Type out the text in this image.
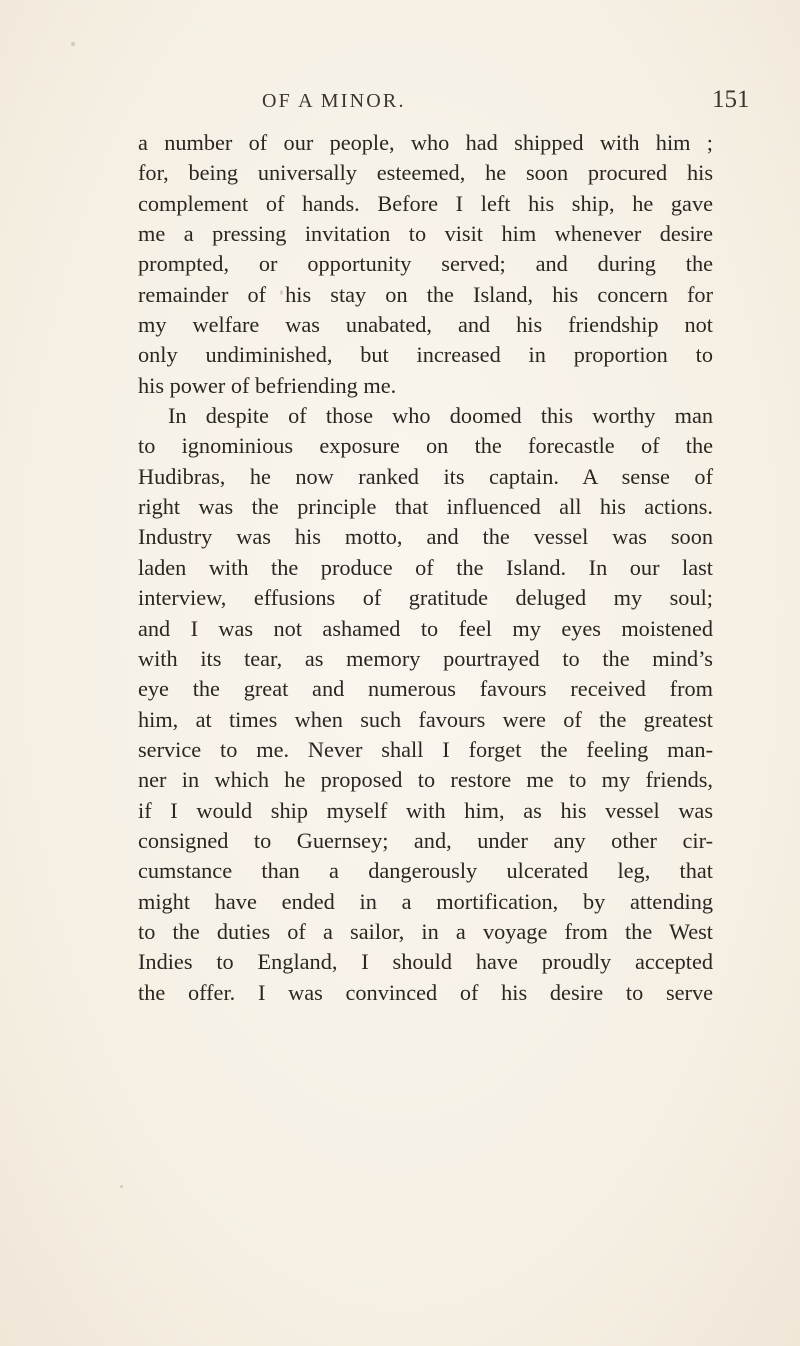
OF A MINOR.	151
a number of our people, who had shipped with him ;
for, being universally esteemed, he soon procured his
complement of hands. Before I left his ship, he gave
me a pressing invitation to visit him whenever desire
prompted, or opportunity served; and during the
remainder of his stay on the Island, his concern for
my welfare was unabated, and his friendship not
only undiminished, but increased in proportion to
his power of befriending me.
In despite of those who doomed this worthy man
to ignominious exposure on the forecastle of the
Hudibras, he now ranked its captain. A sense of
right was the principle that influenced all his actions.
Industry was his motto, and the vessel was soon
laden with the produce of the Island. In our last
interview, effusions of gratitude deluged my soul;
and I was not ashamed to feel my eyes moistened
with its tear, as memory pourtrayed to the mind’s
eye the great and numerous favours received from
him, at times when such favours were of the greatest
service to me. Never shall I forget the feeling man-
ner in which he proposed to restore me to my friends,
if I would ship myself with him, as his vessel was
consigned to Guernsey; and, under any other cir-
cumstance than a dangerously ulcerated leg, that
might have ended in a mortification, by attending
to the duties of a sailor, in a voyage from the West
Indies to England, I should have proudly accepted
the offer. I was convinced of his desire to serve
